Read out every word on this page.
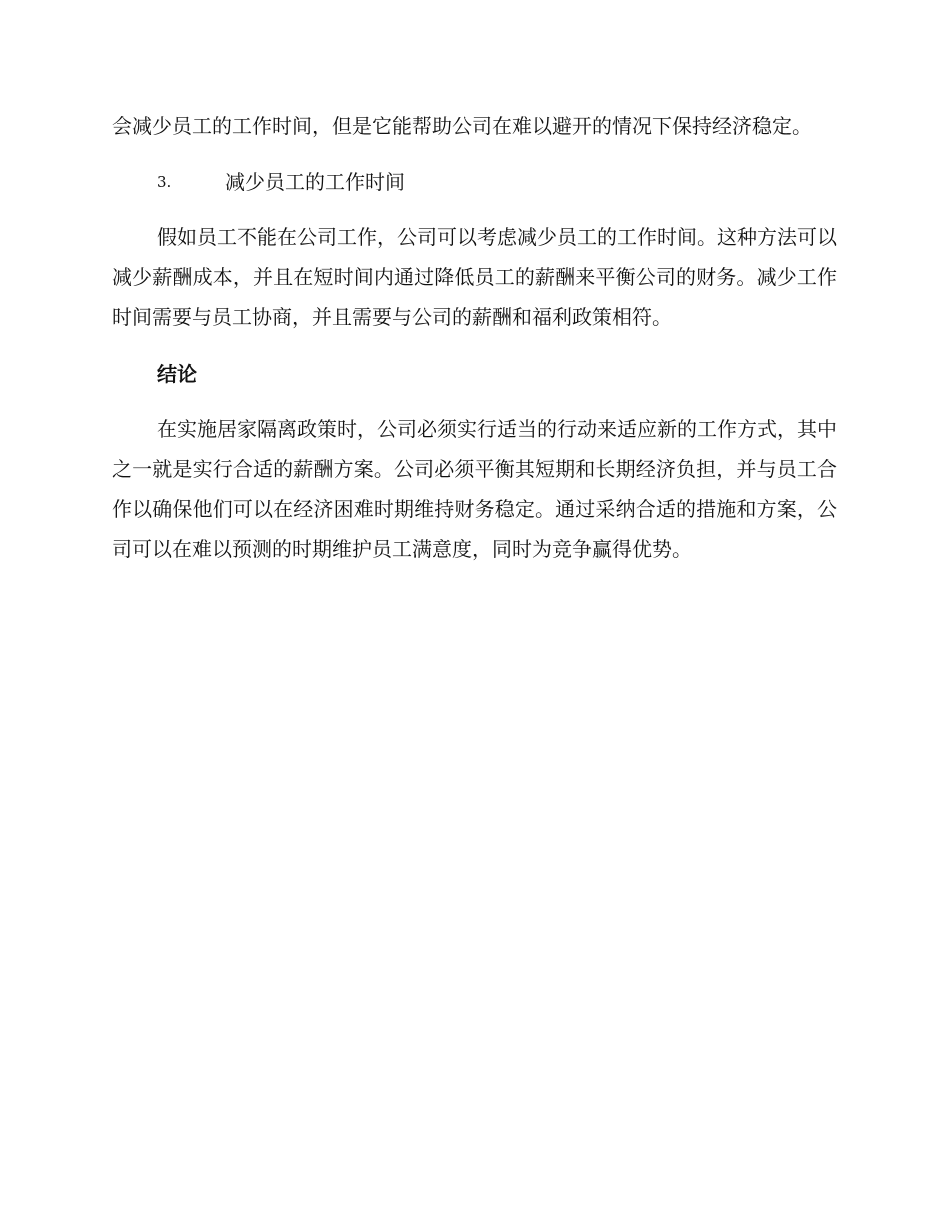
会减少员工的工作时间，但是它能帮助公司在难以避开的情况下保持经济稳定。

3.	减少员工的工作时间

假如员工不能在公司工作，公司可以考虑减少员工的工作时间。这种方法可以减少薪酬成本，并且在短时间内通过降低员工的薪酬来平衡公司的财务。减少工作时间需要与员工协商，并且需要与公司的薪酬和福利政策相符。

结论

在实施居家隔离政策时，公司必须实行适当的行动来适应新的工作方式，其中之一就是实行合适的薪酬方案。公司必须平衡其短期和长期经济负担，并与员工合作以确保他们可以在经济困难时期维持财务稳定。通过采纳合适的措施和方案，公司可以在难以预测的时期维护员工满意度，同时为竞争赢得优势。
